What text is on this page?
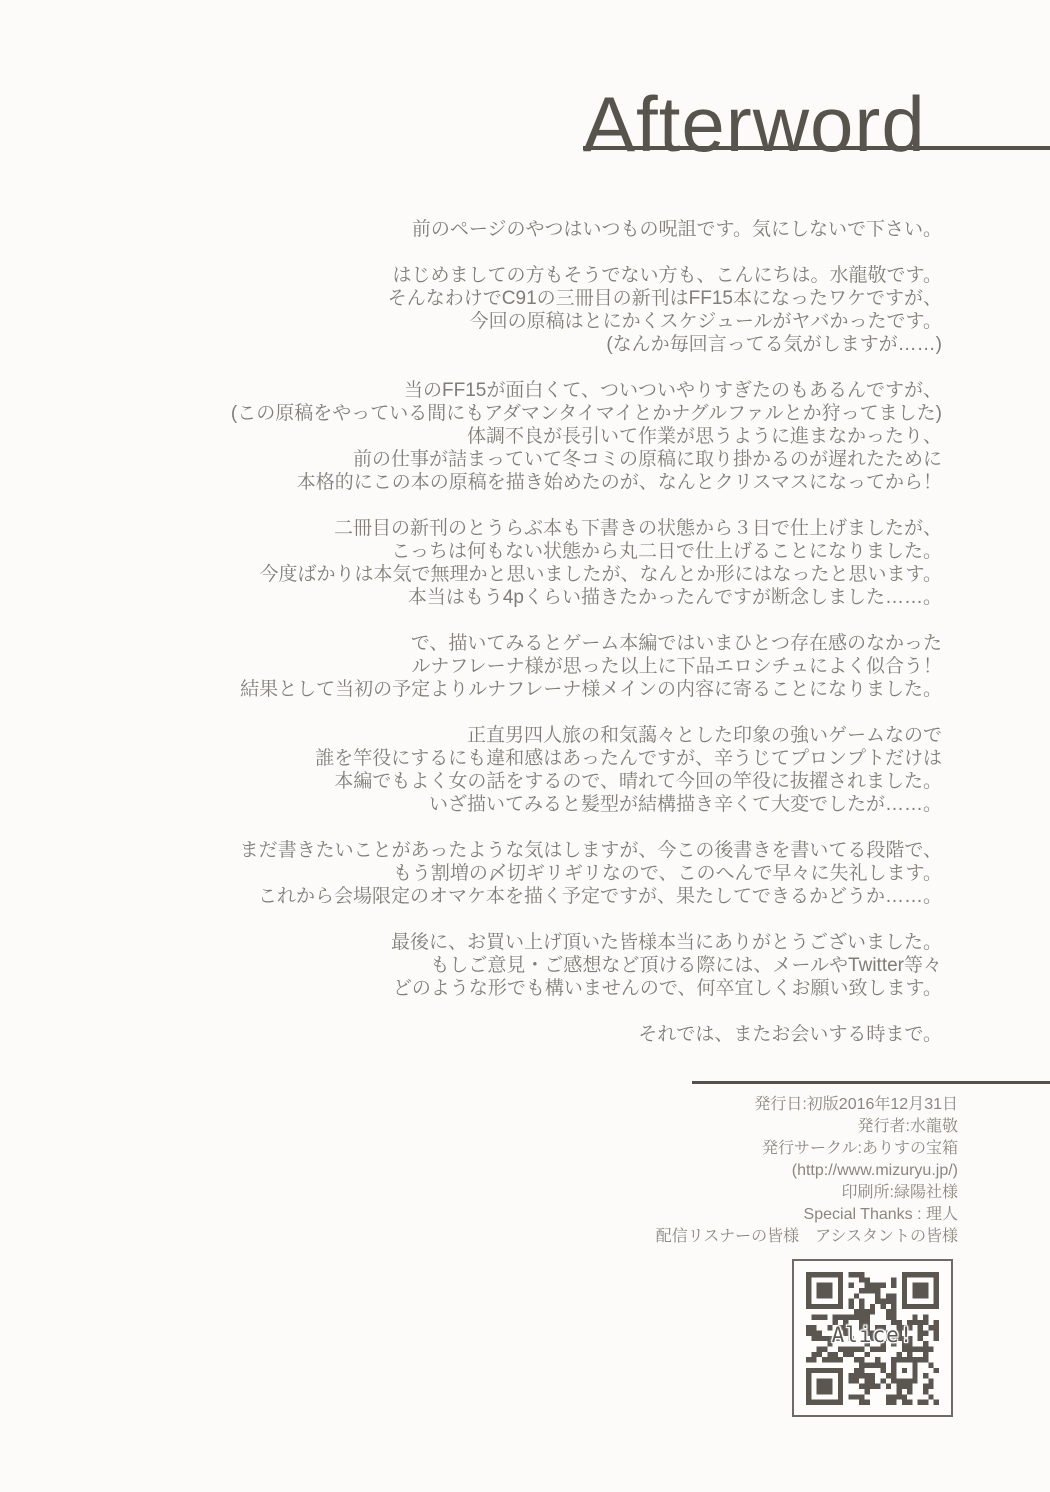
Afterword
前のページのやつはいつもの呪詛です。気にしないで下さい。
はじめましての方もそうでない方も、こんにちは。水龍敬です。
そんなわけでC91の三冊目の新刊はFF15本になったワケですが、
今回の原稿はとにかくスケジュールがヤバかったです。
(なんか毎回言ってる気がしますが……)
当のFF15が面白くて、ついついやりすぎたのもあるんですが、
(この原稿をやっている間にもアダマンタイマイとかナグルファルとか狩ってました)
体調不良が長引いて作業が思うように進まなかったり、
前の仕事が詰まっていて冬コミの原稿に取り掛かるのが遅れたために
本格的にこの本の原稿を描き始めたのが、なんとクリスマスになってから！
二冊目の新刊のとうらぶ本も下書きの状態から３日で仕上げましたが、
こっちは何もない状態から丸二日で仕上げることになりました。
今度ばかりは本気で無理かと思いましたが、なんとか形にはなったと思います。
本当はもう4pくらい描きたかったんですが断念しました……。
で、描いてみるとゲーム本編ではいまひとつ存在感のなかった
ルナフレーナ様が思った以上に下品エロシチュによく似合う！
結果として当初の予定よりルナフレーナ様メインの内容に寄ることになりました。
正直男四人旅の和気藹々とした印象の強いゲームなので
誰を竿役にするにも違和感はあったんですが、辛うじてプロンプトだけは
本編でもよく女の話をするので、晴れて今回の竿役に抜擢されました。
いざ描いてみると髪型が結構描き辛くて大変でしたが……。
まだ書きたいことがあったような気はしますが、今この後書きを書いてる段階で、
もう割増の〆切ギリギリなので、このへんで早々に失礼します。
これから会場限定のオマケ本を描く予定ですが、果たしてできるかどうか……。
最後に、お買い上げ頂いた皆様本当にありがとうございました。
もしご意見・ご感想など頂ける際には、メールやTwitter等々
どのような形でも構いませんので、何卒宜しくお願い致します。
それでは、またお会いする時まで。
発行日:初版2016年12月31日
発行者:水龍敬
発行サークル:ありすの宝箱
(http://www.mizuryu.jp/)
印刷所:緑陽社様
Special Thanks : 理人
配信リスナーの皆様　アシスタントの皆様
Alice!
